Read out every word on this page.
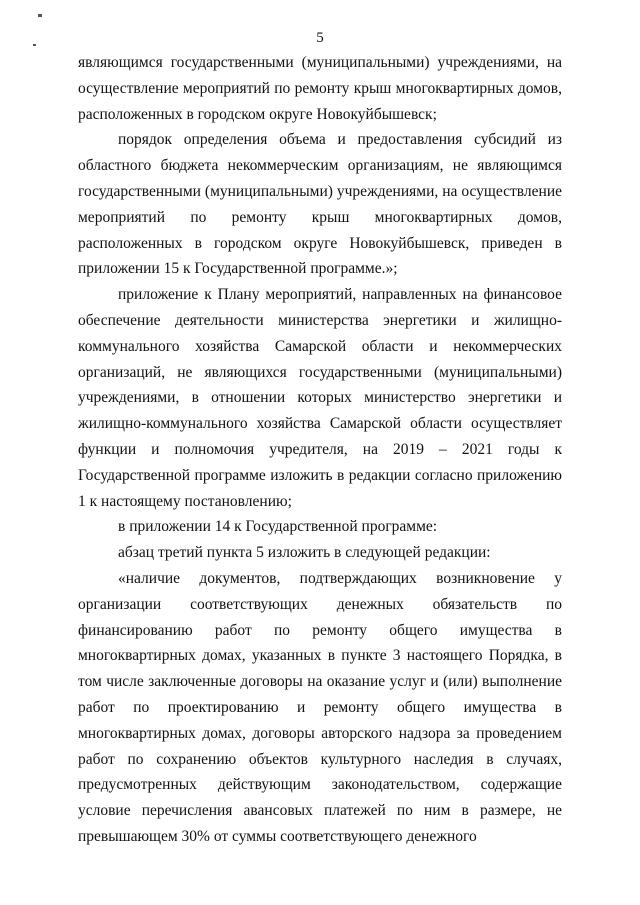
5

являющимся государственными (муниципальными) учреждениями, на осуществление мероприятий по ремонту крыш многоквартирных домов, расположенных в городском округе Новокуйбышевск;

порядок определения объема и предоставления субсидий из областного бюджета некоммерческим организациям, не являющимся государственными (муниципальными) учреждениями, на осуществление мероприятий по ремонту крыш многоквартирных домов, расположенных в городском округе Новокуйбышевск, приведен в приложении 15 к Государственной программе.»;

приложение к Плану мероприятий, направленных на финансовое обеспечение деятельности министерства энергетики и жилищно-коммунального хозяйства Самарской области и некоммерческих организаций, не являющихся государственными (муниципальными) учреждениями, в отношении которых министерство энергетики и жилищно-коммунального хозяйства Самарской области осуществляет функции и полномочия учредителя, на 2019 – 2021 годы к Государственной программе изложить в редакции согласно приложению 1 к настоящему постановлению;

в приложении 14 к Государственной программе:

абзац третий пункта 5 изложить в следующей редакции:

«наличие документов, подтверждающих возникновение у организации соответствующих денежных обязательств по финансированию работ по ремонту общего имущества в многоквартирных домах, указанных в пункте 3 настоящего Порядка, в том числе заключенные договоры на оказание услуг и (или) выполнение работ по проектированию и ремонту общего имущества в многоквартирных домах, договоры авторского надзора за проведением работ по сохранению объектов культурного наследия в случаях, предусмотренных действующим законодательством, содержащие условие перечисления авансовых платежей по ним в размере, не превышающем 30% от суммы соответствующего денежного
